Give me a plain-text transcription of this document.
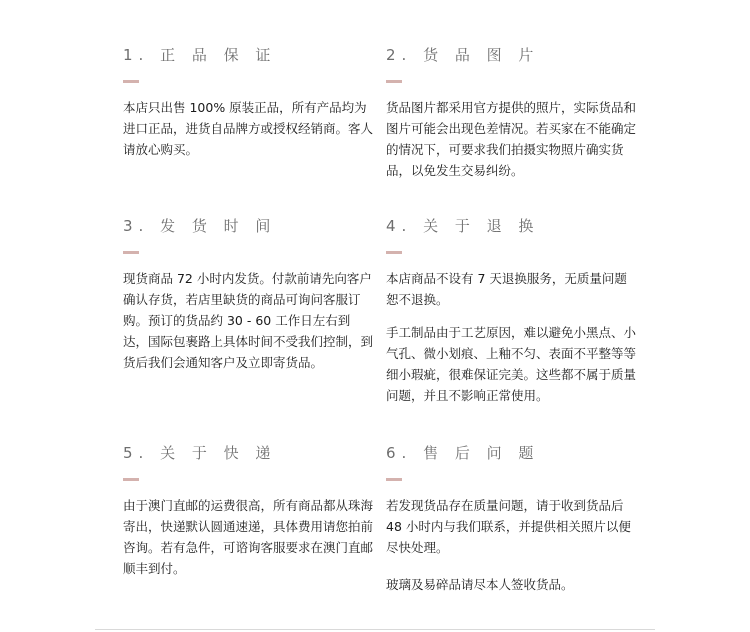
1. 正 品 保 证

本店只出售 100% 原装正品，所有产品均为进口正品，进货自品牌方或授权经销商。客人请放心购买。

2. 货 品 图 片

货品图片都采用官方提供的照片，实际货品和图片可能会出现色差情况。若买家在不能确定的情况下，可要求我们拍摄实物照片确实货品，以免发生交易纠纷。

3. 发 货 时 间

现货商品 72 小时内发货。付款前请先向客户确认存货，若店里缺货的商品可询问客服订购。预订的货品约 30 - 60 工作日左右到达，国际包裹路上具体时间不受我们控制，到货后我们会通知客户及立即寄货品。

4. 关 于 退 换

本店商品不设有 7 天退换服务，无质量问题恕不退换。

手工制品由于工艺原因，难以避免小黑点、小气孔、微小划痕、上釉不匀、表面不平整等等细小瑕疵，很难保证完美。这些都不属于质量问题，并且不影响正常使用。

5. 关 于 快 递

由于澳门直邮的运费很高，所有商品都从珠海寄出，快递默认圆通速递，具体费用请您拍前咨询。若有急件，可谘询客服要求在澳门直邮顺丰到付。

6. 售 后 问 题

若发现货品存在质量问题，请于收到货品后 48 小时内与我们联系，并提供相关照片以便尽快处理。

玻璃及易碎品请尽本人签收货品。
